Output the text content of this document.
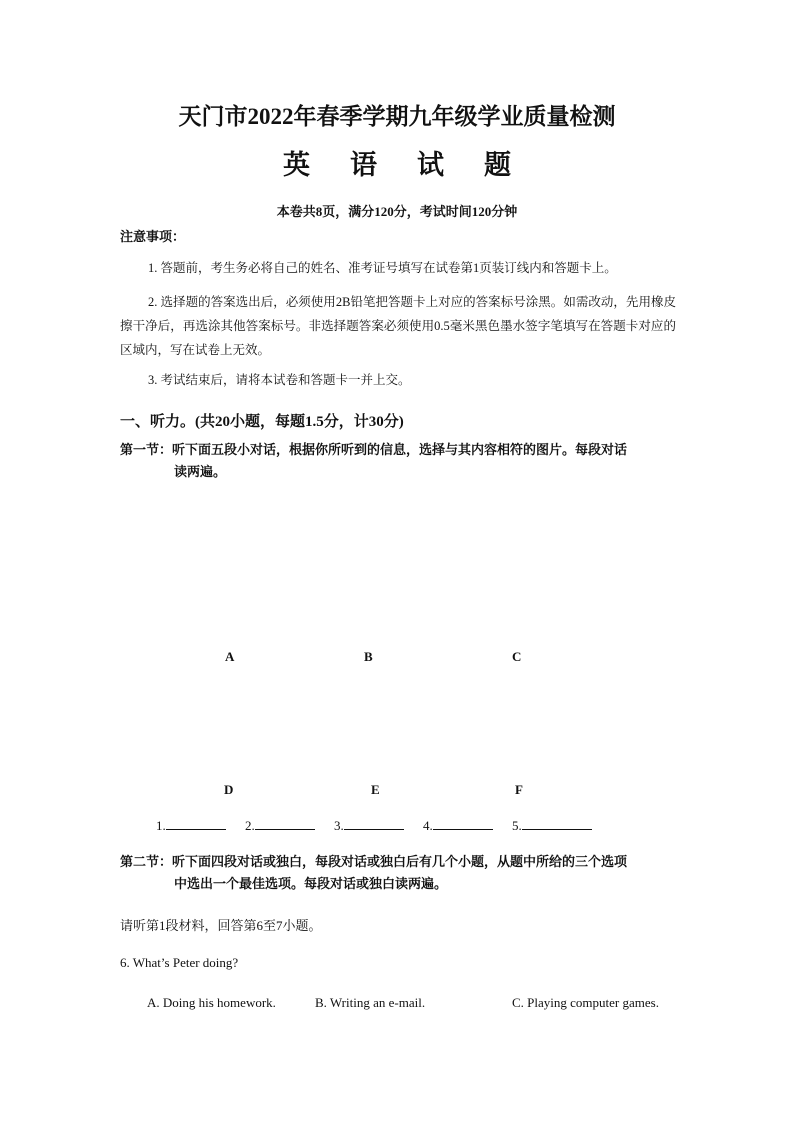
天门市2022年春季学期九年级学业质量检测
英 语 试 题
本卷共8页，满分120分，考试时间120分钟
注意事项：
1. 答题前，考生务必将自己的姓名、准考证号填写在试卷第1页装订线内和答题卡上。
2. 选择题的答案选出后，必须使用2B铅笔把答题卡上对应的答案标号涂黑。如需改动，先用橡皮擦干净后，再选涂其他答案标号。非选择题答案必须使用0.5毫米黑色墨水签字笔填写在答题卡对应的区域内，写在试卷上无效。
3. 考试结束后，请将本试卷和答题卡一并上交。
一、听力。(共20小题，每题1.5分，计30分)
第一节：听下面五段小对话，根据你所听到的信息，选择与其内容相符的图片。每段对话
读两遍。
A	B	C
D	E	F
1.	2.	3.	4.	5.
第二节：听下面四段对话或独白，每段对话或独白后有几个小题，从题中所给的三个选项
中选出一个最佳选项。每段对话或独白读两遍。
请听第1段材料，回答第6至7小题。
6. What’s Peter doing?
A. Doing his homework.	B. Writing an e-mail.	C. Playing computer games.
